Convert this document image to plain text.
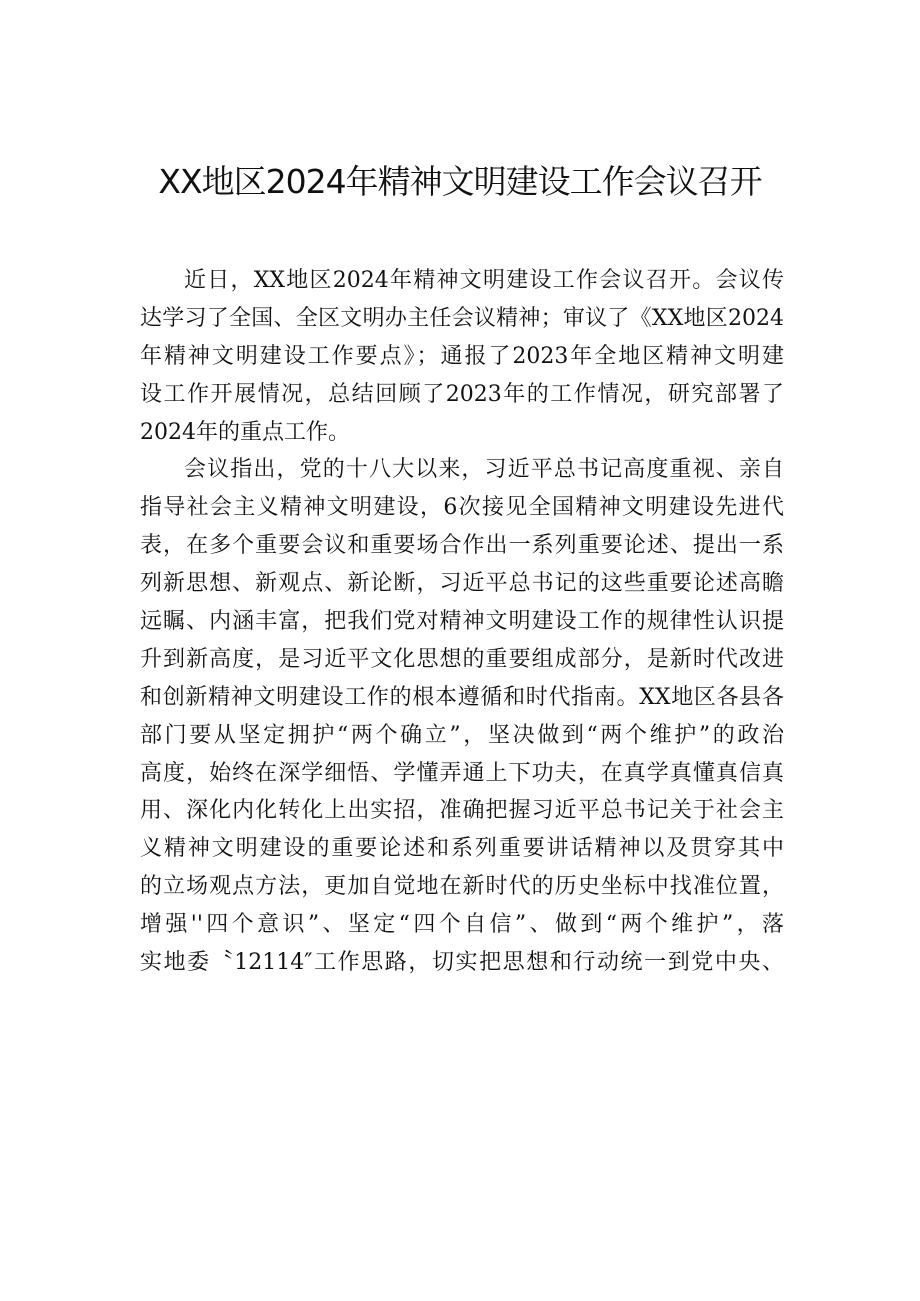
XX地区2024年精神文明建设工作会议召开
近日，XX地区2024年精神文明建设工作会议召开。会议传
达学习了全国、全区文明办主任会议精神；审议了《XX地区2024
年精神文明建设工作要点》；通报了2023年全地区精神文明建
设工作开展情况，总结回顾了2023年的工作情况，研究部署了
2024年的重点工作。
会议指出，党的十八大以来，习近平总书记高度重视、亲自
指导社会主义精神文明建设，6次接见全国精神文明建设先进代
表，在多个重要会议和重要场合作出一系列重要论述、提出一系
列新思想、新观点、新论断，习近平总书记的这些重要论述高瞻
远瞩、内涵丰富，把我们党对精神文明建设工作的规律性认识提
升到新高度，是习近平文化思想的重要组成部分，是新时代改进
和创新精神文明建设工作的根本遵循和时代指南。XX地区各县各
部门要从坚定拥护“两个确立”，坚决做到“两个维护”的政治
高度，始终在深学细悟、学懂弄通上下功夫，在真学真懂真信真
用、深化内化转化上出实招，准确把握习近平总书记关于社会主
义精神文明建设的重要论述和系列重要讲话精神以及贯穿其中
的立场观点方法，更加自觉地在新时代的历史坐标中找准位置，
增强''四个意识”、坚定“四个自信”、做到“两个维护”，落
实地委〝12114″工作思路，切实把思想和行动统一到党中央、
